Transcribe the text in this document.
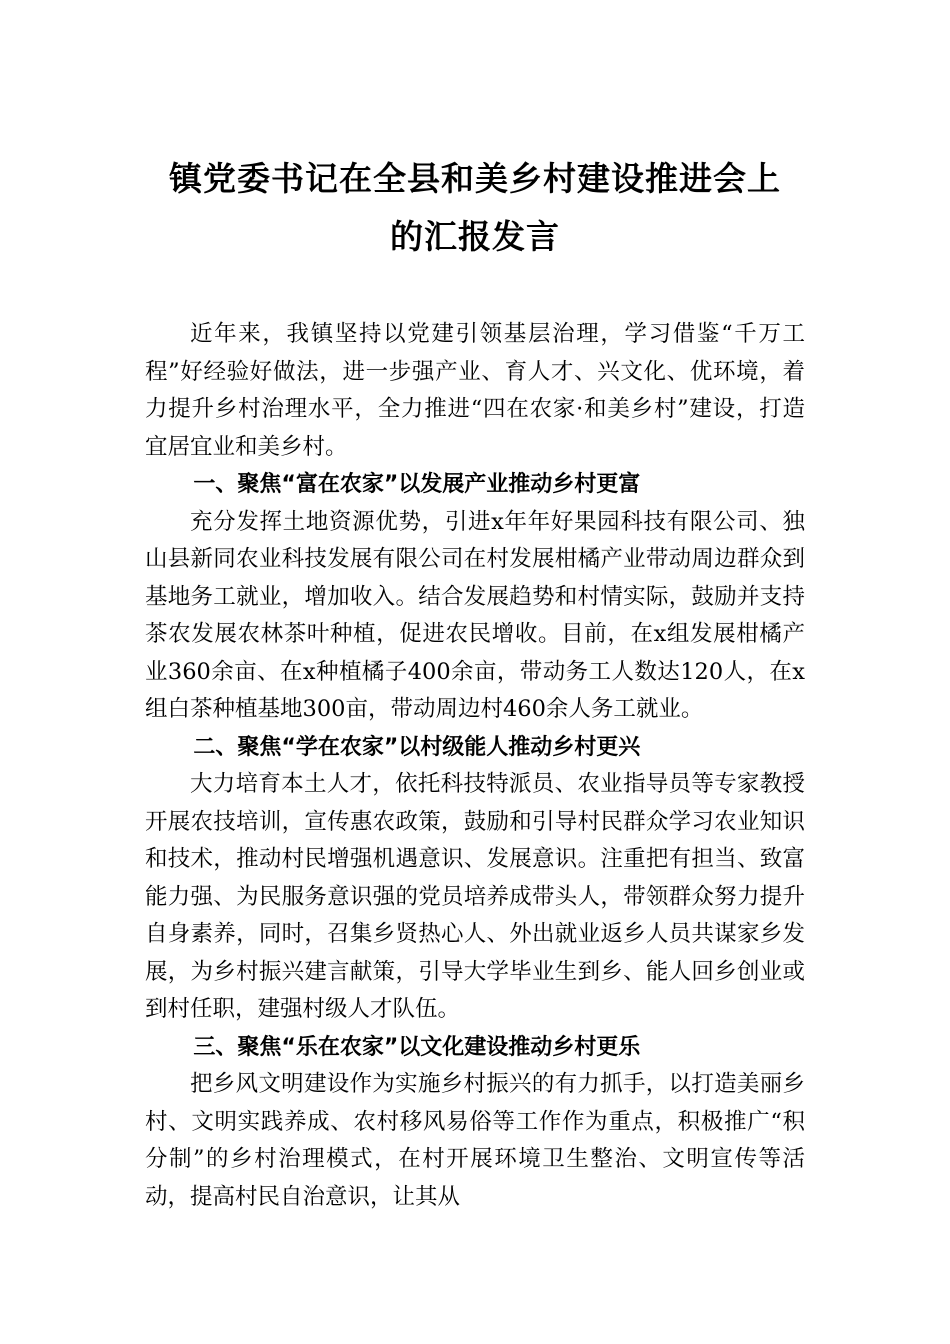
镇党委书记在全县和美乡村建设推进会上
的汇报发言

近年来，我镇坚持以党建引领基层治理，学习借鉴“千万工程”好经验好做法，进一步强产业、育人才、兴文化、优环境，着力提升乡村治理水平，全力推进“四在农家·和美乡村”建设，打造宜居宜业和美乡村。

一、聚焦“富在农家”以发展产业推动乡村更富

充分发挥土地资源优势，引进x年年好果园科技有限公司、独山县新同农业科技发展有限公司在村发展柑橘产业带动周边群众到基地务工就业，增加收入。结合发展趋势和村情实际，鼓励并支持茶农发展农林茶叶种植，促进农民增收。目前，在x组发展柑橘产业360余亩、在x种植橘子400余亩，带动务工人数达120人，在x组白茶种植基地300亩，带动周边村460余人务工就业。

二、聚焦“学在农家”以村级能人推动乡村更兴

大力培育本土人才，依托科技特派员、农业指导员等专家教授开展农技培训，宣传惠农政策，鼓励和引导村民群众学习农业知识和技术，推动村民增强机遇意识、发展意识。注重把有担当、致富能力强、为民服务意识强的党员培养成带头人，带领群众努力提升自身素养，同时，召集乡贤热心人、外出就业返乡人员共谋家乡发展，为乡村振兴建言献策，引导大学毕业生到乡、能人回乡创业或到村任职，建强村级人才队伍。

三、聚焦“乐在农家”以文化建设推动乡村更乐

把乡风文明建设作为实施乡村振兴的有力抓手，以打造美丽乡村、文明实践养成、农村移风易俗等工作作为重点，积极推广“积分制”的乡村治理模式，在村开展环境卫生整治、文明宣传等活动，提高村民自治意识，让其从
